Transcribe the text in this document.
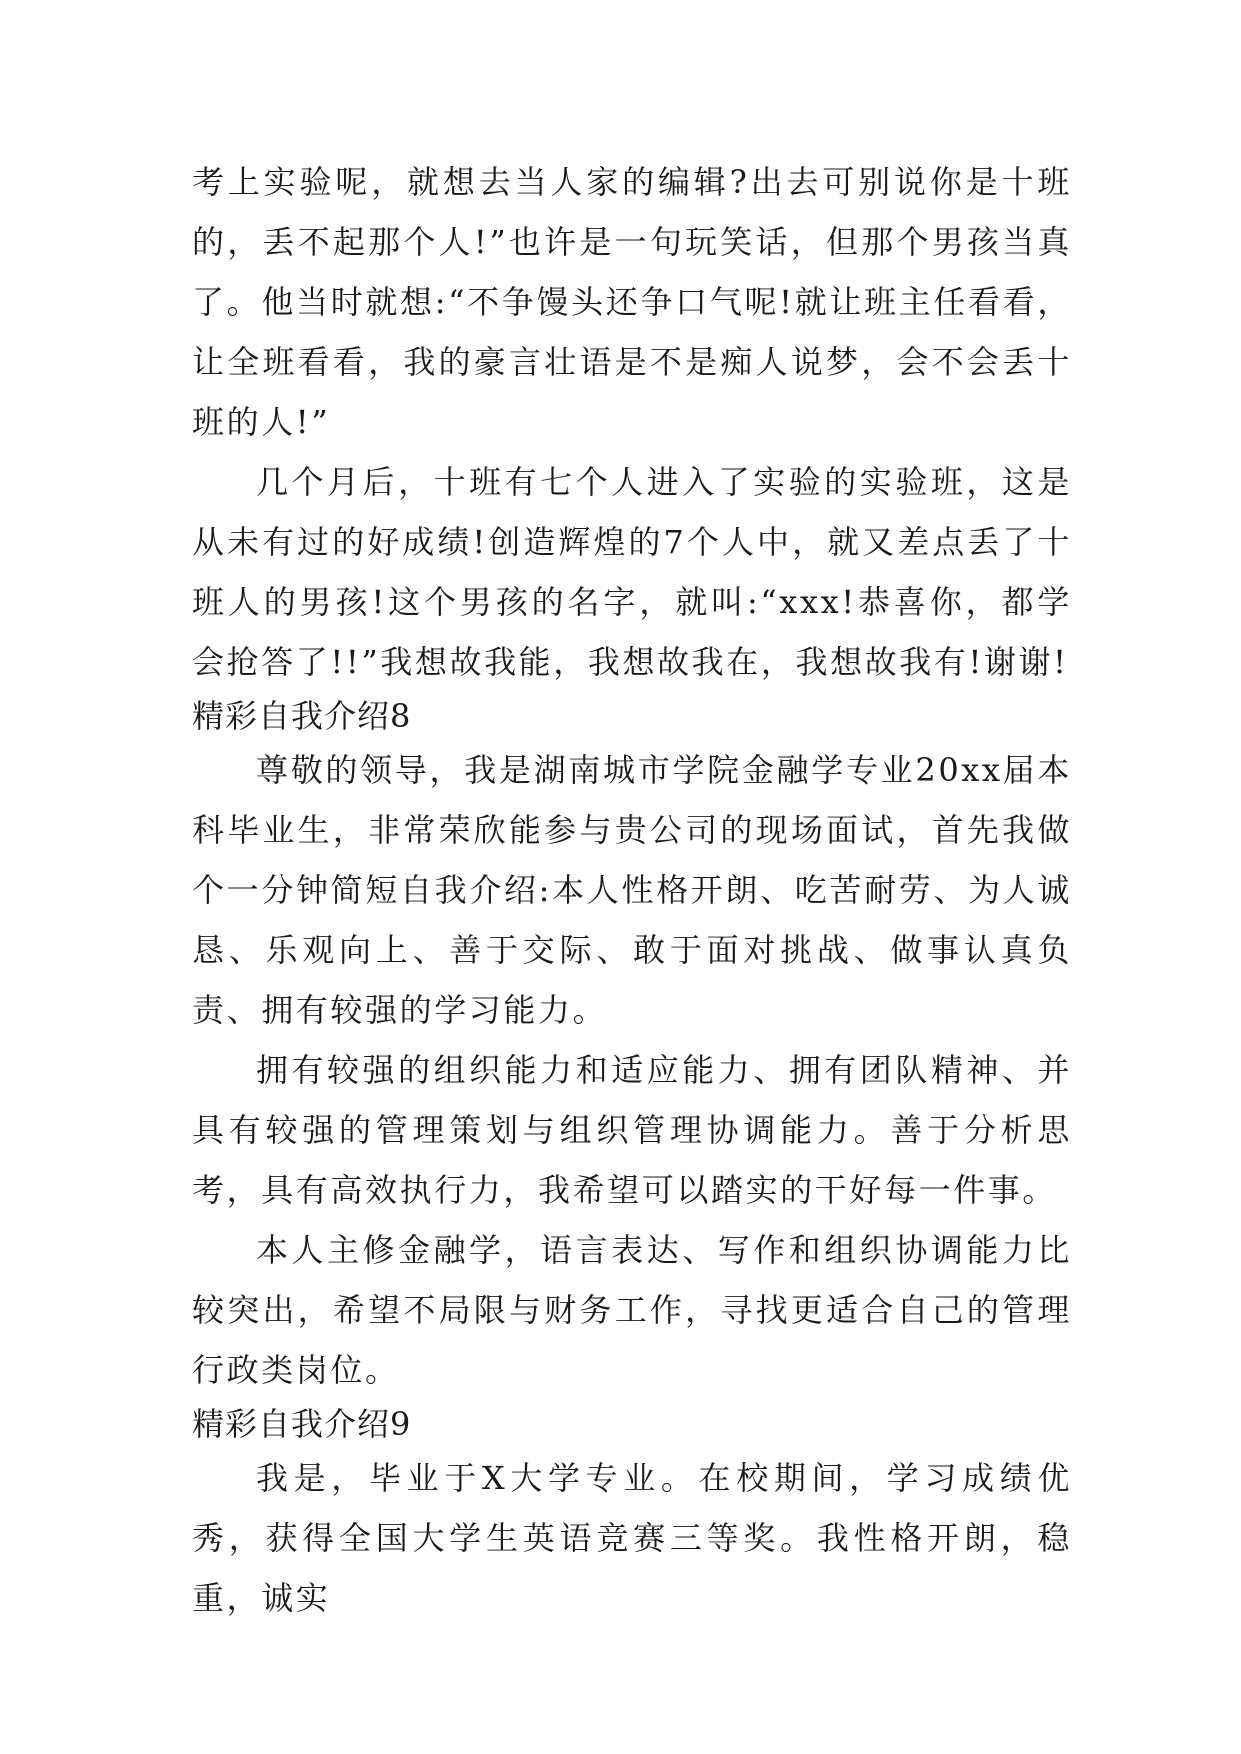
考上实验呢，就想去当人家的编辑?出去可别说你是十班的，丢不起那个人!”也许是一句玩笑话，但那个男孩当真了。他当时就想:“不争馒头还争口气呢!就让班主任看看，让全班看看，我的豪言壮语是不是痴人说梦，会不会丢十班的人!”

几个月后，十班有七个人进入了实验的实验班，这是从未有过的好成绩!创造辉煌的7个人中，就又差点丢了十班人的男孩!这个男孩的名字，就叫:“xxx!恭喜你，都学会抢答了!!”我想故我能，我想故我在，我想故我有!谢谢!

精彩自我介绍8

尊敬的领导，我是湖南城市学院金融学专业20xx届本科毕业生，非常荣欣能参与贵公司的现场面试，首先我做个一分钟简短自我介绍:本人性格开朗、吃苦耐劳、为人诚恳、乐观向上、善于交际、敢于面对挑战、做事认真负责、拥有较强的学习能力。

拥有较强的组织能力和适应能力、拥有团队精神、并具有较强的管理策划与组织管理协调能力。善于分析思考，具有高效执行力，我希望可以踏实的干好每一件事。

本人主修金融学，语言表达、写作和组织协调能力比较突出，希望不局限与财务工作，寻找更适合自己的管理行政类岗位。

精彩自我介绍9

我是，毕业于X大学专业。在校期间，学习成绩优秀，获得全国大学生英语竞赛三等奖。我性格开朗，稳重，诚实
